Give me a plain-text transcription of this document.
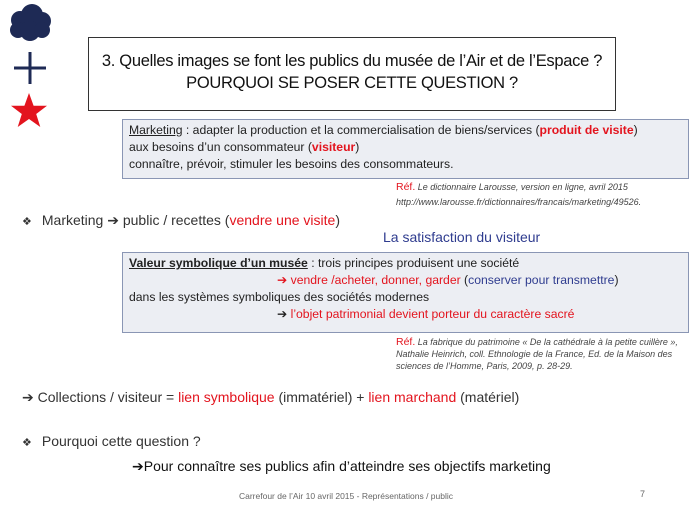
3. Quelles images se font les publics du musée de l’Air et de l’Espace ?
POURQUOI SE POSER CETTE QUESTION ?
Marketing : adapter la production et la commercialisation de biens/services (produit de visite)
aux besoins d’un consommateur (visiteur)
connaître, prévoir, stimuler les besoins des consommateurs.
Réf. Le dictionnaire Larousse, version en ligne, avril 2015
http://www.larousse.fr/dictionnaires/francais/marketing/49526.
❖ Marketing ➔ public / recettes (vendre une visite)
La satisfaction du visiteur
Valeur symbolique d’un musée : trois principes produisent une société
➔ vendre /acheter, donner, garder (conserver pour transmettre)
dans les systèmes symboliques des sociétés modernes
➔ l’objet patrimonial devient porteur du caractère sacré
Réf. La fabrique du patrimoine « De la cathédrale à la petite cuillère », Nathalie Heinrich, coll. Ethnologie de la France, Ed. de la Maison des sciences de l’Homme, Paris, 2009, p. 28-29.
➔ Collections / visiteur = lien symbolique (immatériel) + lien marchand (matériel)
❖ Pourquoi cette question ?
➔Pour connaître ses publics afin d’atteindre ses objectifs marketing
Carrefour de l’Air 10 avril 2015 - Représentations / public	7
